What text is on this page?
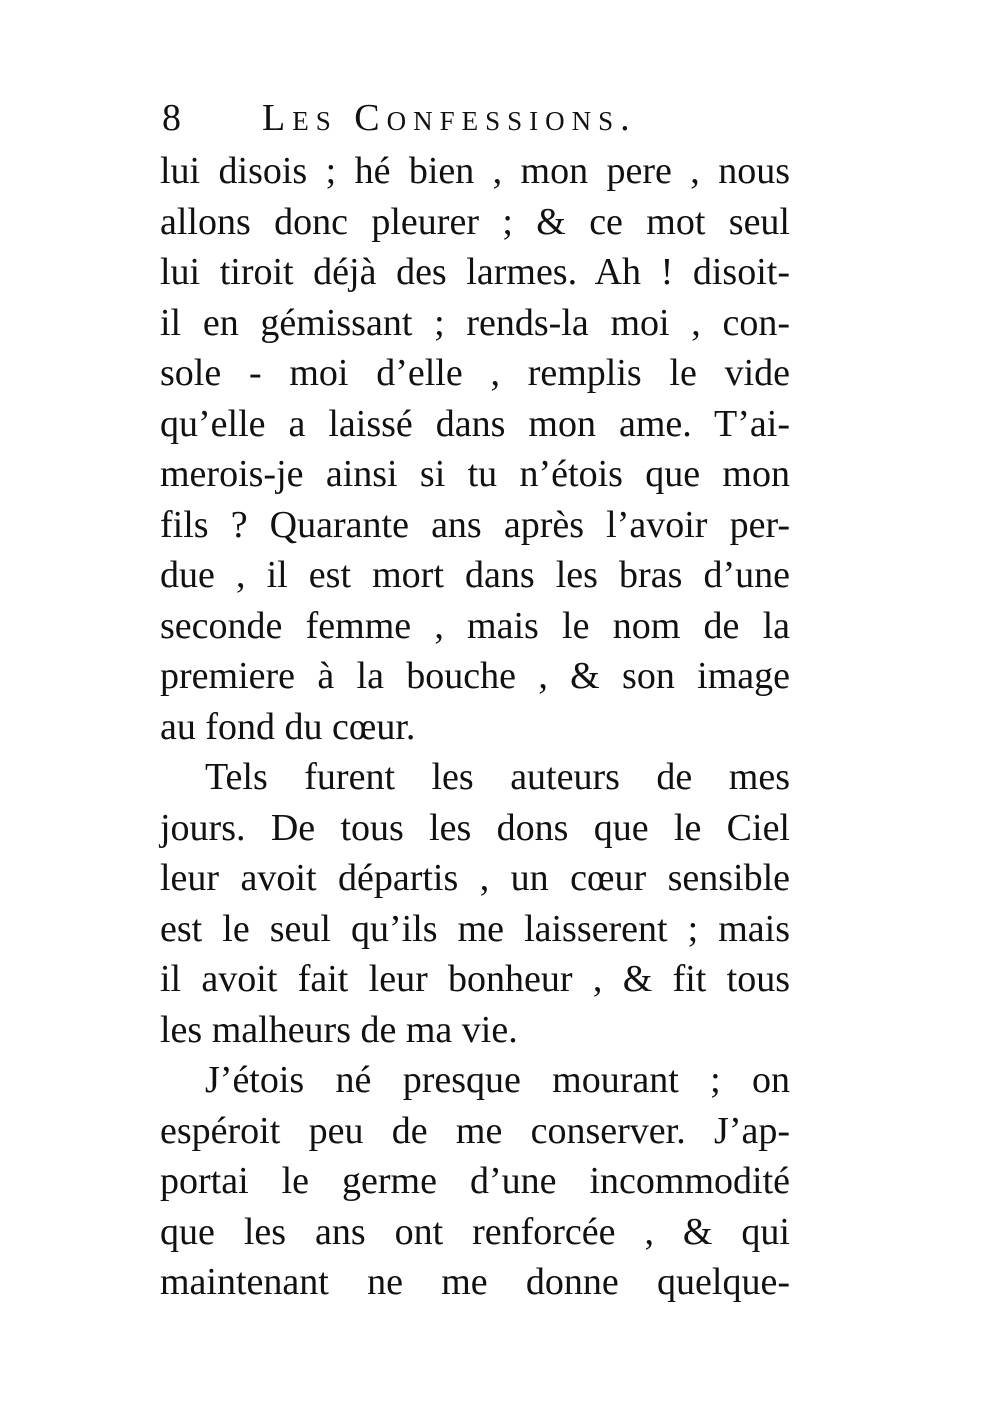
8 Les Confessions.
lui disois ; hé bien , mon pere , nous
allons donc pleurer ; & ce mot seul
lui tiroit déjà des larmes. Ah ! disoit-
il en gémissant ; rends-la moi , con-
sole - moi d’elle , remplis le vide
qu’elle a laissé dans mon ame. T’ai-
merois-je ainsi si tu n’étois que mon
fils ? Quarante ans après l’avoir per-
due , il est mort dans les bras d’une
seconde femme , mais le nom de la
premiere à la bouche , & son image
au fond du cœur.
Tels furent les auteurs de mes
jours. De tous les dons que le Ciel
leur avoit départis , un cœur sensible
est le seul qu’ils me laisserent ; mais
il avoit fait leur bonheur , & fit tous
les malheurs de ma vie.
J’étois né presque mourant ; on
espéroit peu de me conserver. J’ap-
portai le germe d’une incommodité
que les ans ont renforcée , & qui
maintenant ne me donne quelque-
